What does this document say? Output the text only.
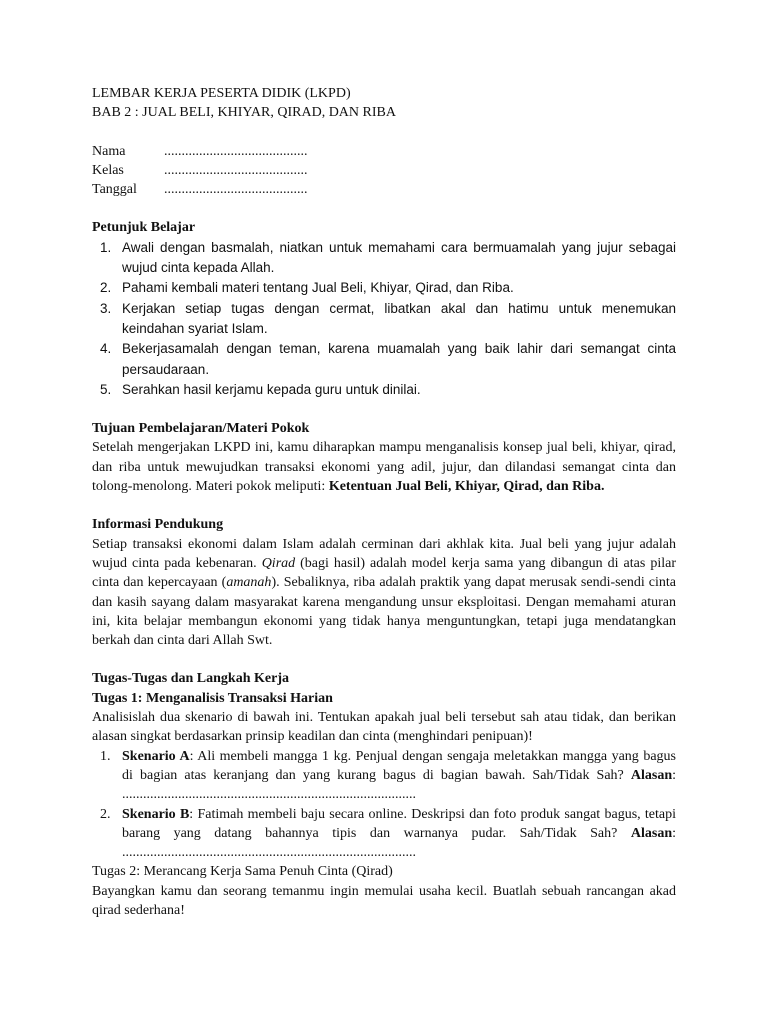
LEMBAR KERJA PESERTA DIDIK (LKPD)

BAB 2 : JUAL BELI, KHIYAR, QIRAD, DAN RIBA

Nama	.........................................
Kelas	.........................................
Tanggal	.........................................

Petunjuk Belajar

1. Awali dengan basmalah, niatkan untuk memahami cara bermuamalah yang jujur sebagai wujud cinta kepada Allah.
2. Pahami kembali materi tentang Jual Beli, Khiyar, Qirad, dan Riba.
3. Kerjakan setiap tugas dengan cermat, libatkan akal dan hatimu untuk menemukan keindahan syariat Islam.
4. Bekerjasamalah dengan teman, karena muamalah yang baik lahir dari semangat cinta persaudaraan.
5. Serahkan hasil kerjamu kepada guru untuk dinilai.

Tujuan Pembelajaran/Materi Pokok

Setelah mengerjakan LKPD ini, kamu diharapkan mampu menganalisis konsep jual beli, khiyar, qirad, dan riba untuk mewujudkan transaksi ekonomi yang adil, jujur, dan dilandasi semangat cinta dan tolong-menolong. Materi pokok meliputi: Ketentuan Jual Beli, Khiyar, Qirad, dan Riba.

Informasi Pendukung

Setiap transaksi ekonomi dalam Islam adalah cerminan dari akhlak kita. Jual beli yang jujur adalah wujud cinta pada kebenaran. Qirad (bagi hasil) adalah model kerja sama yang dibangun di atas pilar cinta dan kepercayaan (amanah). Sebaliknya, riba adalah praktik yang dapat merusak sendi-sendi cinta dan kasih sayang dalam masyarakat karena mengandung unsur eksploitasi. Dengan memahami aturan ini, kita belajar membangun ekonomi yang tidak hanya menguntungkan, tetapi juga mendatangkan berkah dan cinta dari Allah Swt.

Tugas-Tugas dan Langkah Kerja

Tugas 1: Menganalisis Transaksi Harian

Analisislah dua skenario di bawah ini. Tentukan apakah jual beli tersebut sah atau tidak, dan berikan alasan singkat berdasarkan prinsip keadilan dan cinta (menghindari penipuan)!

1. Skenario A: Ali membeli mangga 1 kg. Penjual dengan sengaja meletakkan mangga yang bagus di bagian atas keranjang dan yang kurang bagus di bagian bawah. Sah/Tidak Sah? Alasan: ....................................................................................
2. Skenario B: Fatimah membeli baju secara online. Deskripsi dan foto produk sangat bagus, tetapi barang yang datang bahannya tipis dan warnanya pudar. Sah/Tidak Sah? Alasan: ....................................................................................

Tugas 2: Merancang Kerja Sama Penuh Cinta (Qirad)

Bayangkan kamu dan seorang temanmu ingin memulai usaha kecil. Buatlah sebuah rancangan akad qirad sederhana!
